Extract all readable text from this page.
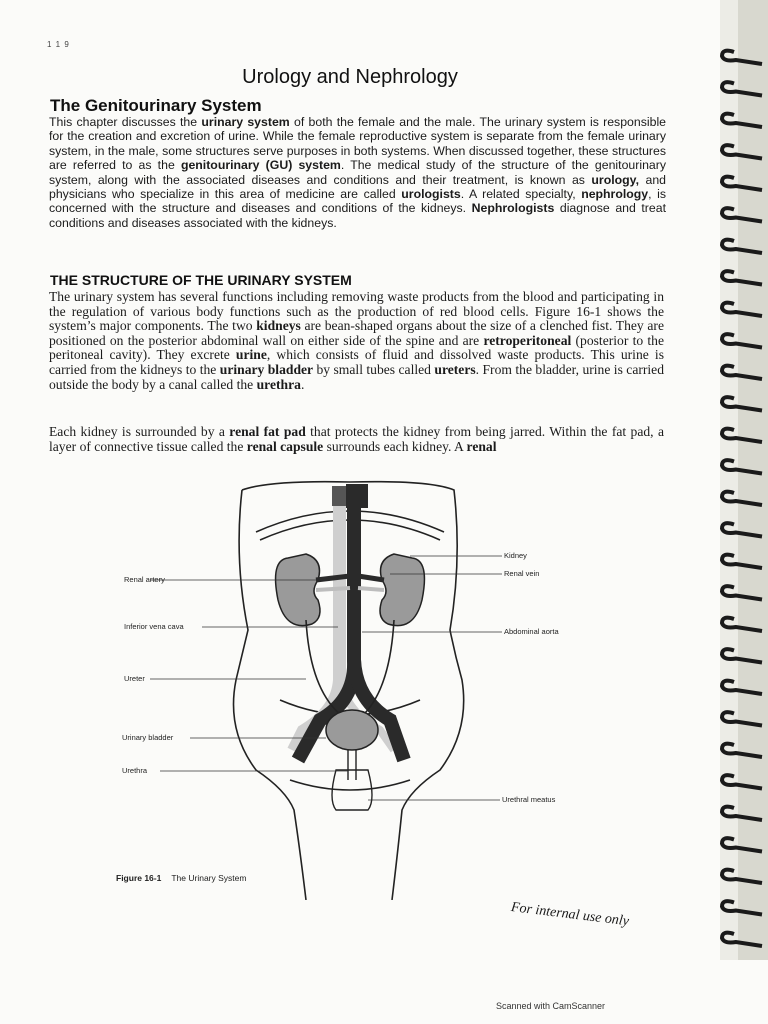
1 1 9
Urology and Nephrology
The Genitourinary System

This chapter discusses the urinary system of both the female and the male. The urinary system is responsible for the creation and excretion of urine. While the female reproductive system is separate from the female urinary system, in the male, some structures serve purposes in both systems. When discussed together, these structures are referred to as the genitourinary (GU) system. The medical study of the structure of the genitourinary system, along with the associated diseases and conditions and their treatment, is known as urology, and physicians who specialize in this area of medicine are called urologists. A related specialty, nephrology, is concerned with the structure and diseases and conditions of the kidneys. Nephrologists diagnose and treat conditions and diseases associated with the kidneys.

THE STRUCTURE OF THE URINARY SYSTEM

The urinary system has several functions including removing waste products from the blood and participating in the regulation of various body functions such as the production of red blood cells. Figure 16-1 shows the system’s major components. The two kidneys are bean-shaped organs about the size of a clenched fist. They are positioned on the posterior abdominal wall on either side of the spine and are retroperitoneal (posterior to the peritoneal cavity). They excrete urine, which consists of fluid and dissolved waste products. This urine is carried from the kidneys to the urinary bladder by small tubes called ureters. From the bladder, urine is carried outside the body by a canal called the urethra.

Each kidney is surrounded by a renal fat pad that protects the kidney from being jarred. Within the fat pad, a layer of connective tissue called the renal capsule surrounds each kidney. A renal

Renal artery
Inferior vena cava
Ureter
Urinary bladder
Urethra
Kidney
Renal vein
Abdominal aorta
Urethral meatus
Figure 16-1 The Urinary System
For internal use only
Scanned with CamScanner
